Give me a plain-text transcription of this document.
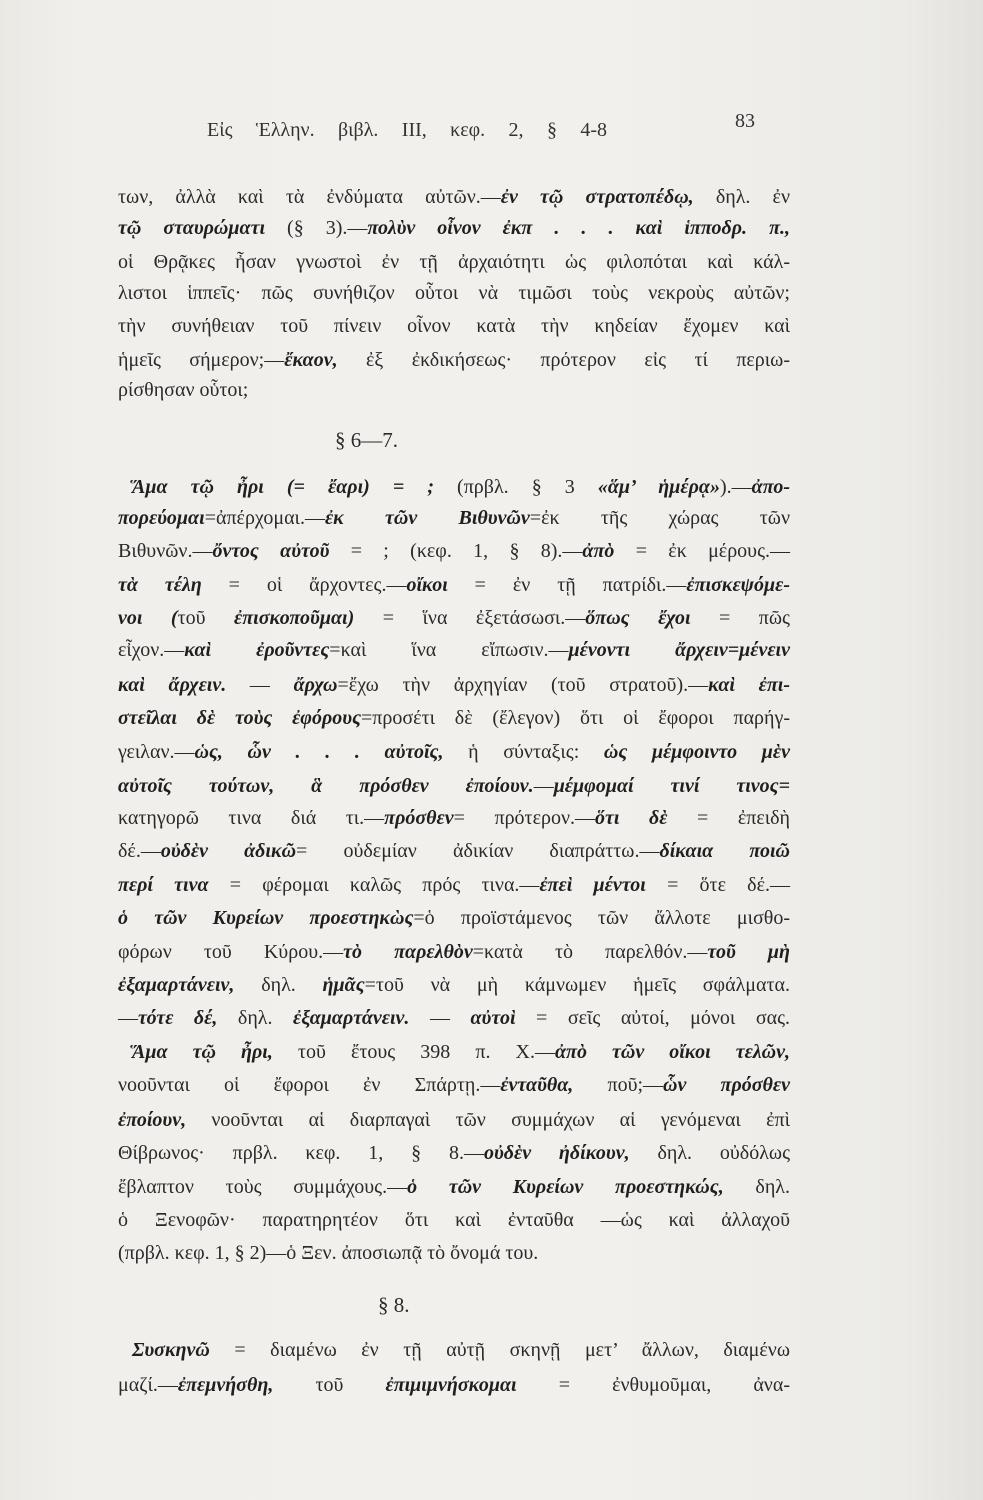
Εἰς Ἑλλην. βιβλ. III, κεφ. 2, § 4-8	83
των, ἀλλὰ καὶ τὰ ἐνδύματα αὐτῶν.—ἐν τῷ στρατοπέδῳ, δηλ. ἐν
τῷ σταυρώματι (§ 3).—πολὺν οἶνον ἐκπ . . . καὶ ἱπποδρ. π.,
οἱ Θρᾷκες ἦσαν γνωστοὶ ἐν τῇ ἀρχαιότητι ὡς φιλοπόται καὶ κάλ-
λιστοι ἱππεῖς· πῶς συνήθιζον οὗτοι νὰ τιμῶσι τοὺς νεκροὺς αὐτῶν;
τὴν συνήθειαν τοῦ πίνειν οἶνον κατὰ τὴν κηδείαν ἔχομεν καὶ
ἡμεῖς σήμερον;—ἔκαον, ἐξ ἐκδικήσεως· πρότερον εἰς τί περιω-
ρίσθησαν οὗτοι;
§ 6—7.
Ἅμα τῷ ἦρι (= ἔαρι) = ; (πρβλ. § 3 «ἅμ’ ἡμέρᾳ»).—ἀπο-
πορεύομαι=ἀπέρχομαι.—ἐκ τῶν Βιθυνῶν=ἐκ τῆς χώρας τῶν
Βιθυνῶν.—ὄντος αὐτοῦ = ; (κεφ. 1, § 8).—ἀπὸ = ἐκ μέρους.—
τὰ τέλη = οἱ ἄρχοντες.—οἴκοι = ἐν τῇ πατρίδι.—ἐπισκεψόμε-
νοι (τοῦ ἐπισκοποῦμαι) = ἵνα ἐξετάσωσι.—ὅπως ἔχοι = πῶς
εἶχον.—καὶ ἐροῦντες=καὶ ἵνα εἴπωσιν.—μένοντι ἄρχειν=μένειν
καὶ ἄρχειν. — ἄρχω=ἔχω τὴν ἀρχηγίαν (τοῦ στρατοῦ).—καὶ ἐπι-
στεῖλαι δὲ τοὺς ἐφόρους=προσέτι δὲ (ἔλεγον) ὅτι οἱ ἔφοροι παρήγ-
γειλαν.—ὡς, ὧν . . . αὐτοῖς, ἡ σύνταξις: ὡς μέμφοιντο μὲν
αὐτοῖς τούτων, ἃ πρόσθεν ἐποίουν.—μέμφομαί τινί τινος=
κατηγορῶ τινα διά τι.—πρόσθεν= πρότερον.—ὅτι δὲ = ἐπειδὴ
δέ.—οὐδὲν ἀδικῶ= οὐδεμίαν ἀδικίαν διαπράττω.—δίκαια ποιῶ
περί τινα = φέρομαι καλῶς πρός τινα.—ἐπεὶ μέντοι = ὅτε δέ.—
ὁ τῶν Κυρείων προεστηκὼς=ὁ προϊστάμενος τῶν ἄλλοτε μισθο-
φόρων τοῦ Κύρου.—τὸ παρελθὸν=κατὰ τὸ παρελθόν.—τοῦ μὴ
ἐξαμαρτάνειν, δηλ. ἡμᾶς=τοῦ νὰ μὴ κάμνωμεν ἡμεῖς σφάλματα.
—τότε δέ, δηλ. ἐξαμαρτάνειν. — αὐτοὶ = σεῖς αὐτοί, μόνοι σας.
Ἅμα τῷ ἦρι, τοῦ ἔτους 398 π. Χ.—ἀπὸ τῶν οἴκοι τελῶν,
νοοῦνται οἱ ἔφοροι ἐν Σπάρτῃ.—ἐνταῦθα, ποῦ;—ὧν πρόσθεν
ἐποίουν, νοοῦνται αἱ διαρπαγαὶ τῶν συμμάχων αἱ γενόμεναι ἐπὶ
Θίβρωνος· πρβλ. κεφ. 1, § 8.—οὐδὲν ἠδίκουν, δηλ. οὐδόλως
ἔβλαπτον τοὺς συμμάχους.—ὁ τῶν Κυρείων προεστηκώς, δηλ.
ὁ Ξενοφῶν· παρατηρητέον ὅτι καὶ ἐνταῦθα —ὡς καὶ ἀλλαχοῦ
(πρβλ. κεφ. 1, § 2)—ὁ Ξεν. ἀποσιωπᾷ τὸ ὄνομά του.
§ 8.
Συσκηνῶ = διαμένω ἐν τῇ αὐτῇ σκηνῇ μετ’ ἄλλων, διαμένω
μαζί.—ἐπεμνήσθη, τοῦ ἐπιμιμνήσκομαι = ἐνθυμοῦμαι, ἀνα-
